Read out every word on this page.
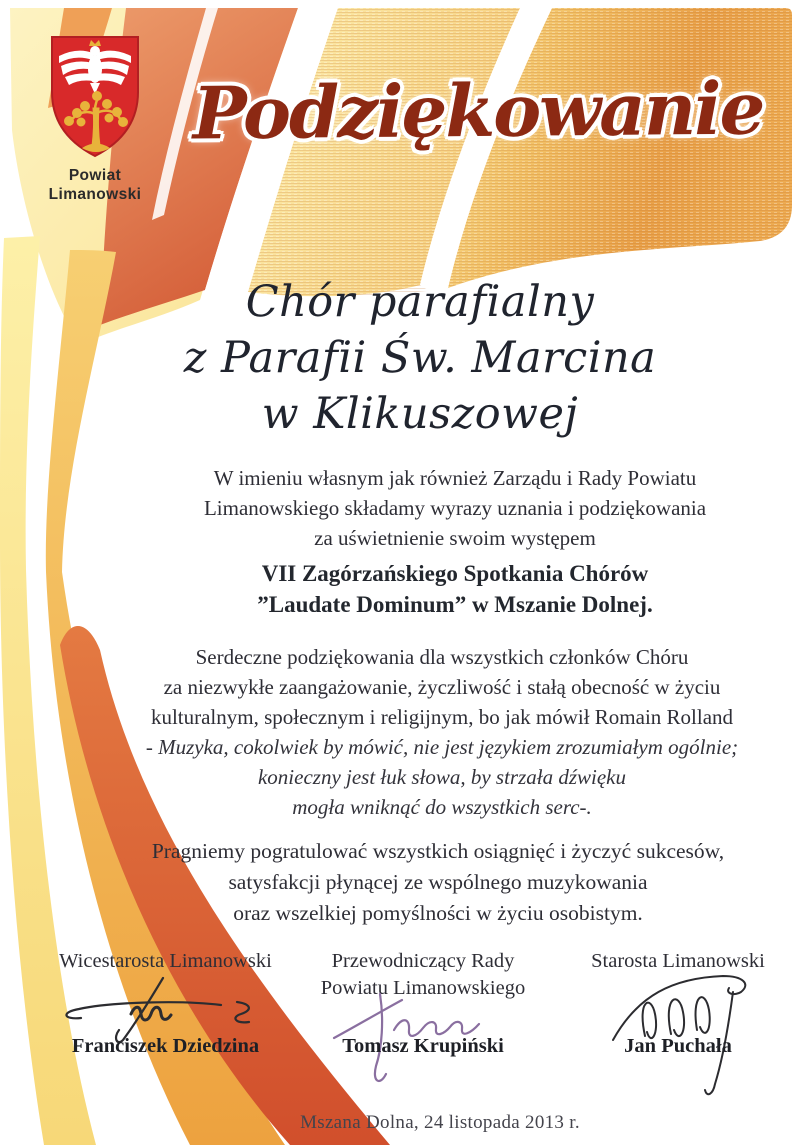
Powiat
Limanowski
Podziękowanie
Chór parafialny
z Parafii Św. Marcina
w Klikuszowej
W imieniu własnym jak również Zarządu i Rady Powiatu
Limanowskiego składamy wyrazy uznania i podziękowania
za uświetnienie swoim występem
VII Zagórzańskiego Spotkania Chórów
”Laudate Dominum” w Mszanie Dolnej.
Serdeczne podziękowania dla wszystkich członków Chóru
za niezwykłe zaangażowanie, życzliwość i stałą obecność w życiu
kulturalnym, społecznym i religijnym, bo jak mówił Romain Rolland
- Muzyka, cokolwiek by mówić, nie jest językiem zrozumiałym ogólnie;
konieczny jest łuk słowa, by strzała dźwięku
mogła wniknąć do wszystkich serc-.
Pragniemy pogratulować wszystkich osiągnięć i życzyć sukcesów,
satysfakcji płynącej ze wspólnego muzykowania
oraz wszelkiej pomyślności w życiu osobistym.
Wicestarosta Limanowski
Franciszek Dziedzina
Przewodniczący Rady
Powiatu Limanowskiego
Tomasz Krupiński
Starosta Limanowski
Jan Puchała
Mszana Dolna, 24 listopada 2013 r.
